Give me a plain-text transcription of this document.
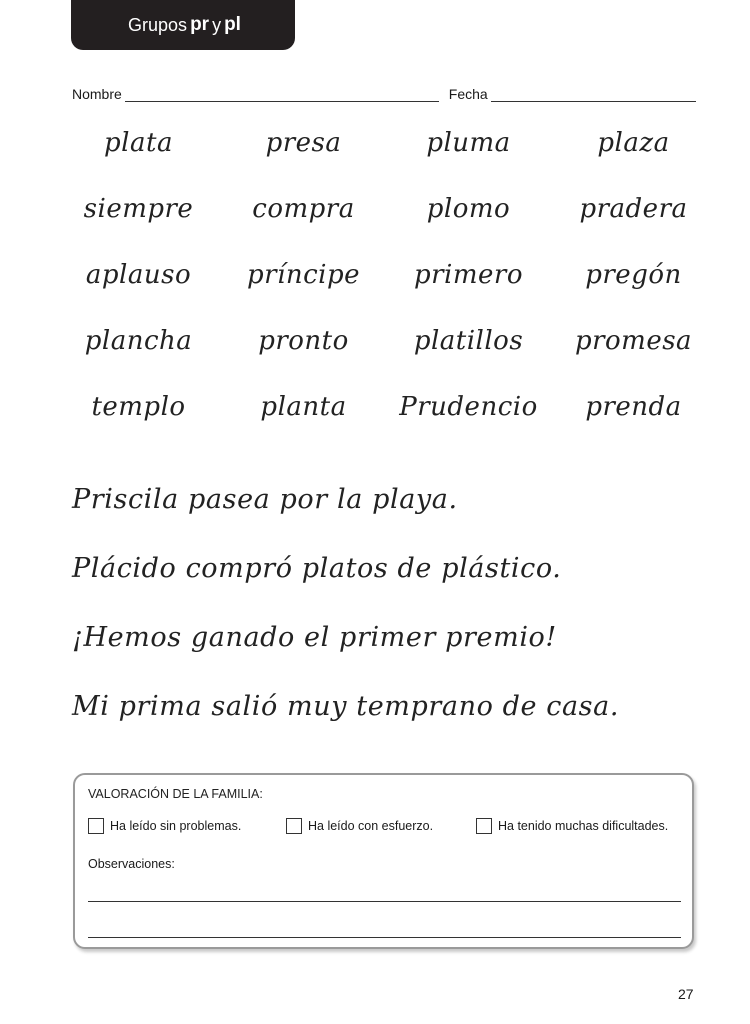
Grupos pr y pl
Nombre	Fecha
plata	presa	pluma	plaza
siempre	compra	plomo	pradera
aplauso	príncipe	primero	pregón
plancha	pronto	platillos	promesa
templo	planta	Prudencio	prenda
Priscila pasea por la playa.
Plácido compró platos de plástico.
¡Hemos ganado el primer premio!
Mi prima salió muy temprano de casa.
VALORACIÓN DE LA FAMILIA:
Ha leído sin problemas.	Ha leído con esfuerzo.	Ha tenido muchas dificultades.
Observaciones:
27
